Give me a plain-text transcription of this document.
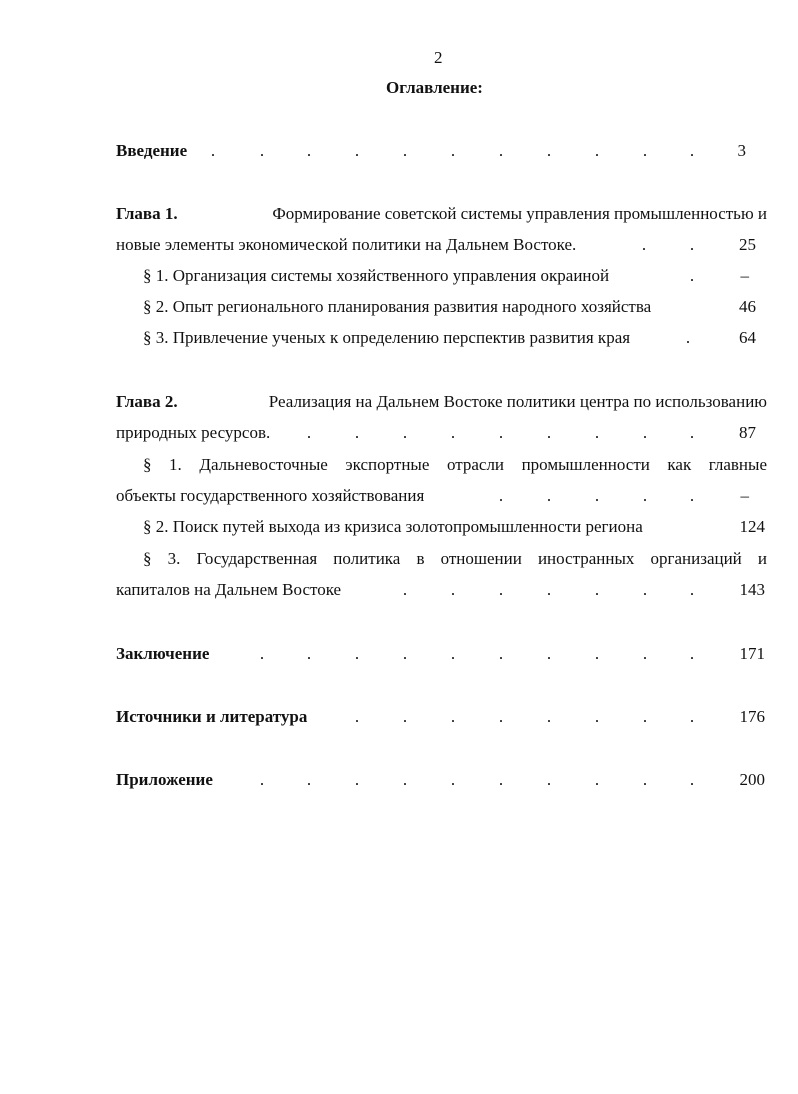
2
Оглавление:
Введение .	.	.	.	.	.	.	.	.	.	.	3
Глава 1.	Формирование советской системы управления промышленностью и
новые элементы экономической политики на Дальнем Востоке.	.	.	25
§ 1. Организация системы хозяйственного управления окраиной	.	–
§ 2. Опыт регионального планирования развития народного хозяйства	46
§ 3. Привлечение ученых к определению перспектив развития края	.	64
Глава 2.	Реализация на Дальнем Востоке политики центра по использованию
природных ресурсов. .	.	.	.	.	.	.	.	.	87
§ 1. Дальневосточные экспортные отрасли промышленности как главные
объекты государственного хозяйствования	.	.	.	.	.	–
§ 2. Поиск путей выхода из кризиса золотопромышленности региона	124
§ 3. Государственная политика в отношении иностранных организаций и
капиталов на Дальнем Востоке	.	.	.	.	.	.	.	143
Заключение	.	.	.	.	.	.	.	.	.	.	171
Источники и литература	.	.	.	.	.	.	.	.	176
Приложение	.	.	.	.	.	.	.	.	.	.	200
